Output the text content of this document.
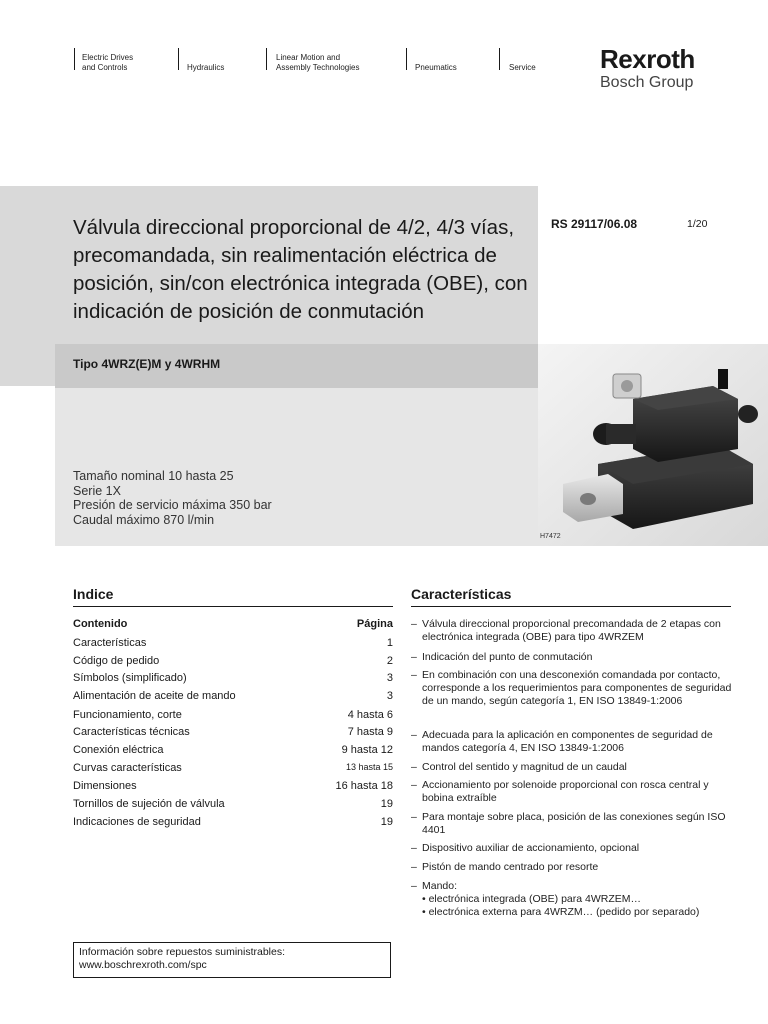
Electric Drives
and Controls	Hydraulics
Linear Motion and
Assembly Technologies	Pneumatics	Service Rexroth
Bosch Group
Válvula direccional proporcional de 4/2, 4/3 vías, precomandada, sin realimentación eléctrica de posición, sin/con electrónica integrada (OBE), con indicación de posición de conmutación
RS 29117/06.08	1/20
Tipo 4WRZ(E)M y 4WRHM
Tamaño nominal 10 hasta 25
Serie 1X
Presión de servicio máxima 350 bar
Caudal máximo 870 l/min
H7472
Indice
Contenido	Página
Características	1
Código de pedido	2
Símbolos (simplificado)	3
Alimentación de aceite de mando	3
Funcionamiento, corte	4 hasta 6
Características técnicas	7 hasta 9
Conexión eléctrica	9 hasta 12
Curvas características	13 hasta 15
Dimensiones	16 hasta 18
Tornillos de sujeción de válvula	19
Indicaciones de seguridad	19
Características
– Válvula direccional proporcional precomandada de 2 etapas con electrónica integrada (OBE) para tipo 4WRZEM
– Indicación del punto de conmutación
– En combinación con una desconexión comandada por contacto, corresponde a los requerimientos para componentes de seguridad de un mando, según categoría 1, EN ISO 13849-1:2006
– Adecuada para la aplicación en componentes de seguridad de mandos categoría 4, EN ISO 13849-1:2006
– Control del sentido y magnitud de un caudal
– Accionamiento por solenoide proporcional con rosca central y bobina extraíble
– Para montaje sobre placa, posición de las conexiones según ISO 4401
– Dispositivo auxiliar de accionamiento, opcional
– Pistón de mando centrado por resorte
– Mando:
• electrónica integrada (OBE) para 4WRZEM…
• electrónica externa para 4WRZM… (pedido por separado)
Información sobre repuestos suministrables:
www.boschrexroth.com/spc
